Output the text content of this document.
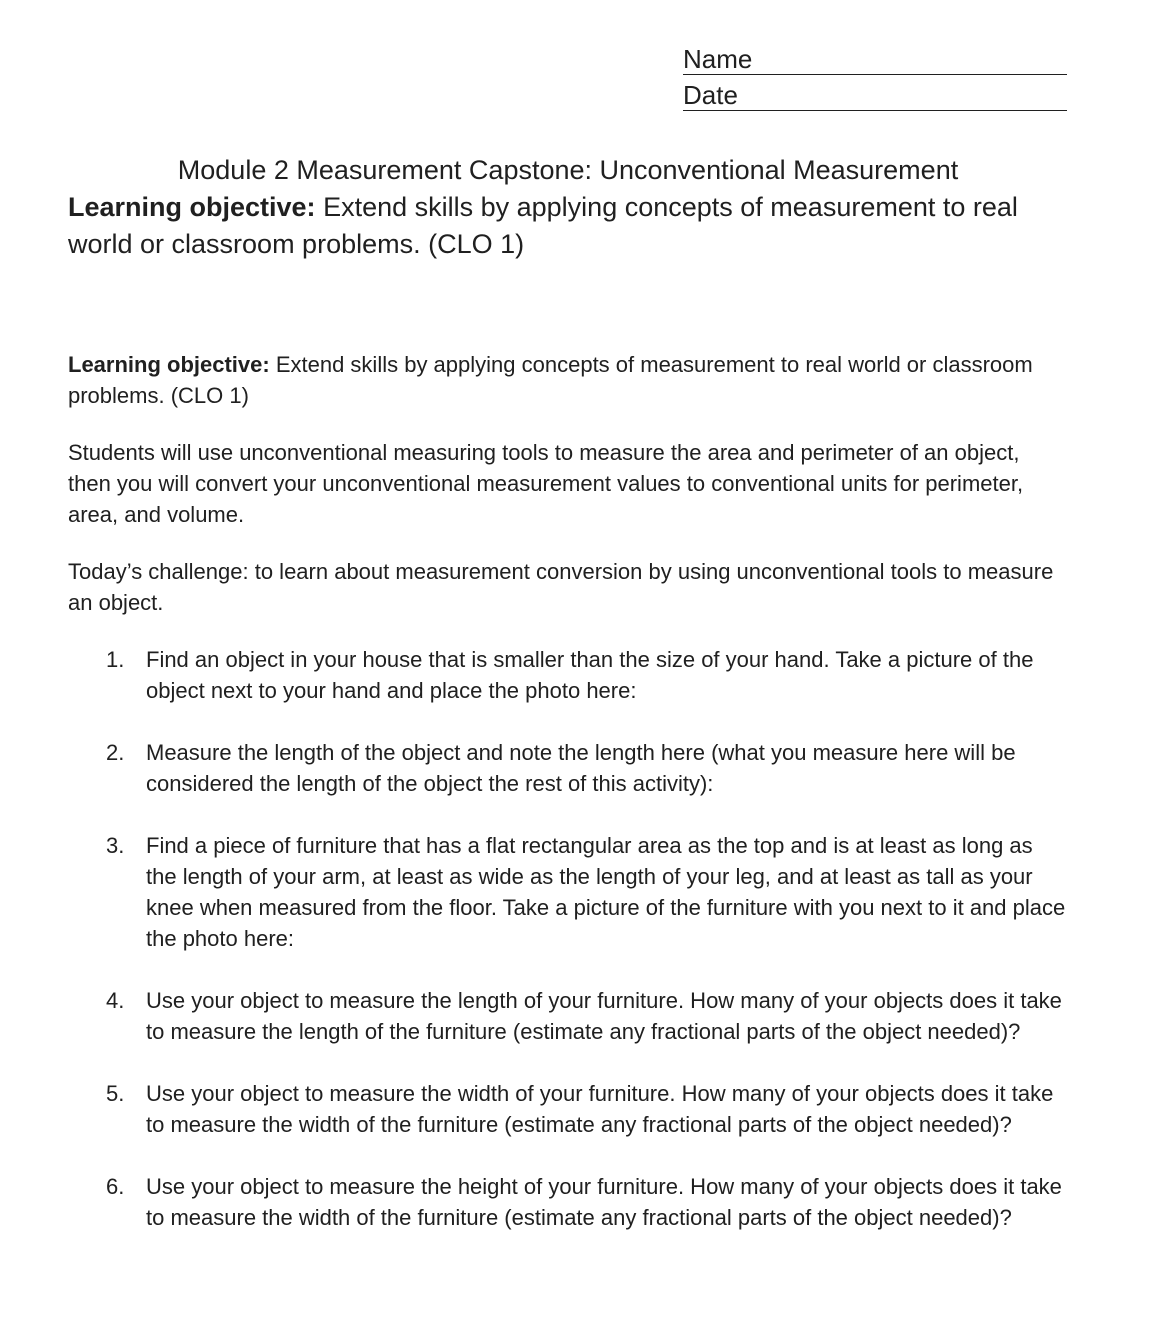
Name
Date
Module 2 Measurement Capstone: Unconventional Measurement
Learning objective: Extend skills by applying concepts of measurement to real world or classroom problems. (CLO 1)
Learning objective: Extend skills by applying concepts of measurement to real world or classroom problems. (CLO 1)
Students will use unconventional measuring tools to measure the area and perimeter of an object, then you will convert your unconventional measurement values to conventional units for perimeter, area, and volume.
Today’s challenge: to learn about measurement conversion by using unconventional tools to measure an object.
1. Find an object in your house that is smaller than the size of your hand. Take a picture of the object next to your hand and place the photo here:
2. Measure the length of the object and note the length here (what you measure here will be considered the length of the object the rest of this activity):
3. Find a piece of furniture that has a flat rectangular area as the top and is at least as long as the length of your arm, at least as wide as the length of your leg, and at least as tall as your knee when measured from the floor. Take a picture of the furniture with you next to it and place the photo here:
4. Use your object to measure the length of your furniture. How many of your objects does it take to measure the length of the furniture (estimate any fractional parts of the object needed)?
5. Use your object to measure the width of your furniture. How many of your objects does it take to measure the width of the furniture (estimate any fractional parts of the object needed)?
6. Use your object to measure the height of your furniture. How many of your objects does it take to measure the width of the furniture (estimate any fractional parts of the object needed)?
